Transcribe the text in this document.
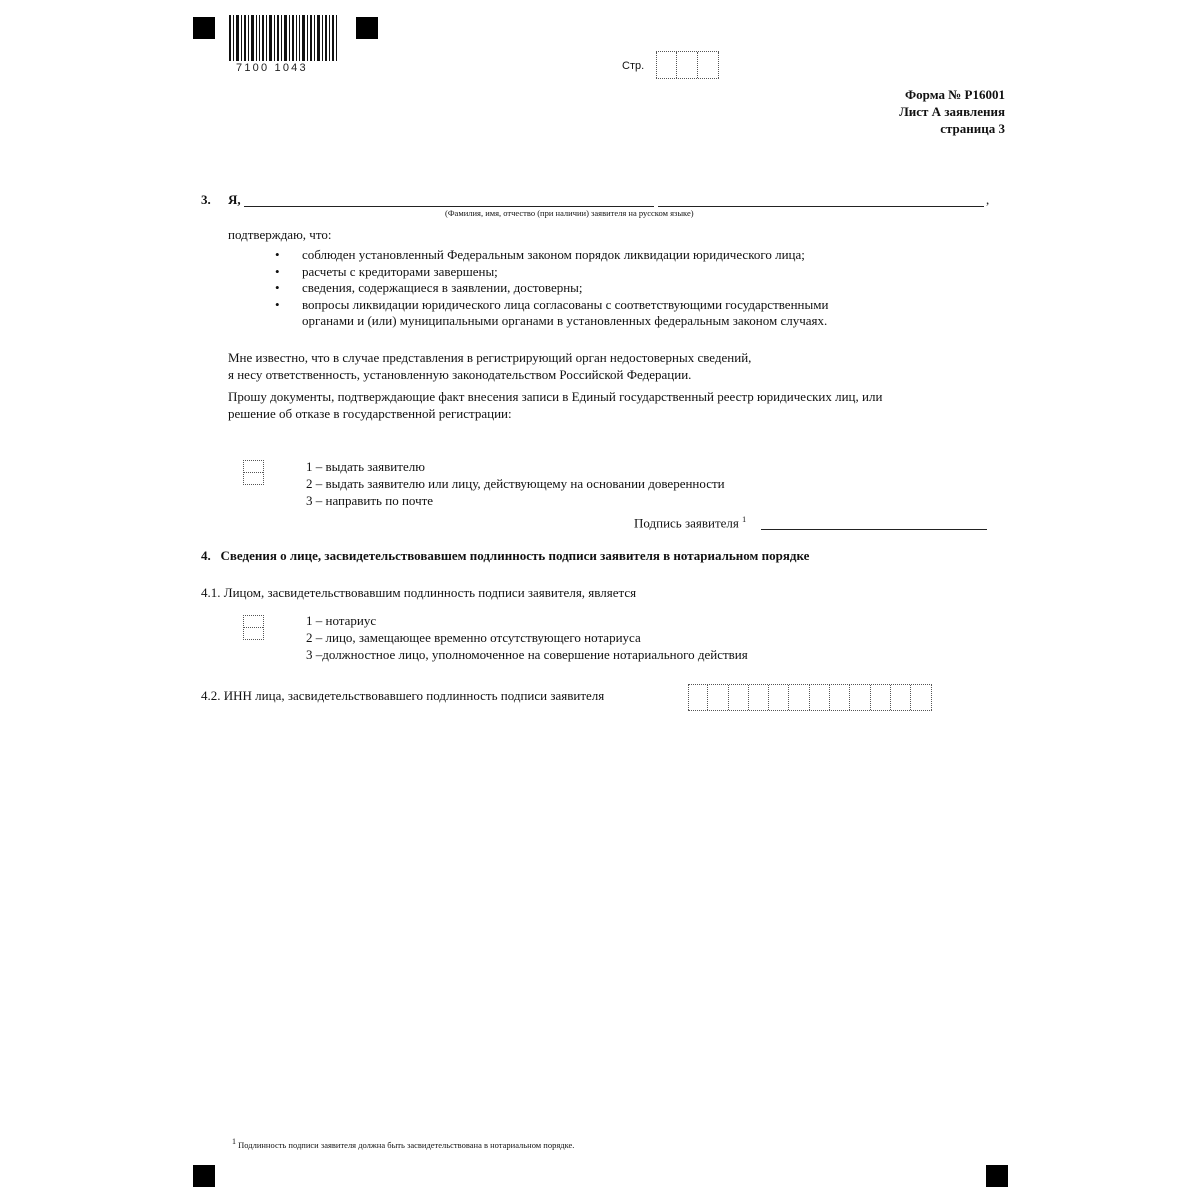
7100 1043	Стр.
Форма № Р16001
Лист А заявления
страница 3
3. Я,	,
(Фамилия, имя, отчество (при наличии) заявителя на русском языке)
подтверждаю, что:
• соблюден установленный Федеральным законом порядок ликвидации юридического лица;
• расчеты с кредиторами завершены;
• сведения, содержащиеся в заявлении, достоверны;
• вопросы ликвидации юридического лица согласованы с соответствующими государственными
органами и (или) муниципальными органами в установленных федеральным законом случаях.
Мне известно, что в случае представления в регистрирующий орган недостоверных сведений,
я несу ответственность, установленную законодательством Российской Федерации.
Прошу документы, подтверждающие факт внесения записи в Единый государственный реестр юридических лиц, или
решение об отказе в государственной регистрации:
1 – выдать заявителю
2 – выдать заявителю или лицу, действующему на основании доверенности
3 – направить по почте
Подпись заявителя $^1$
4.   Сведения о лице, засвидетельствовавшем подлинность подписи заявителя в нотариальном порядке
4.1. Лицом, засвидетельствовавшим подлинность подписи заявителя, является
1 – нотариус
2 – лицо, замещающее временно отсутствующего нотариуса
3 –должностное лицо, уполномоченное на совершение нотариального действия
4.2. ИНН лица, засвидетельствовавшего подлинность подписи заявителя
1 Подлинность подписи заявителя должна быть засвидетельствована в нотариальном порядке.
